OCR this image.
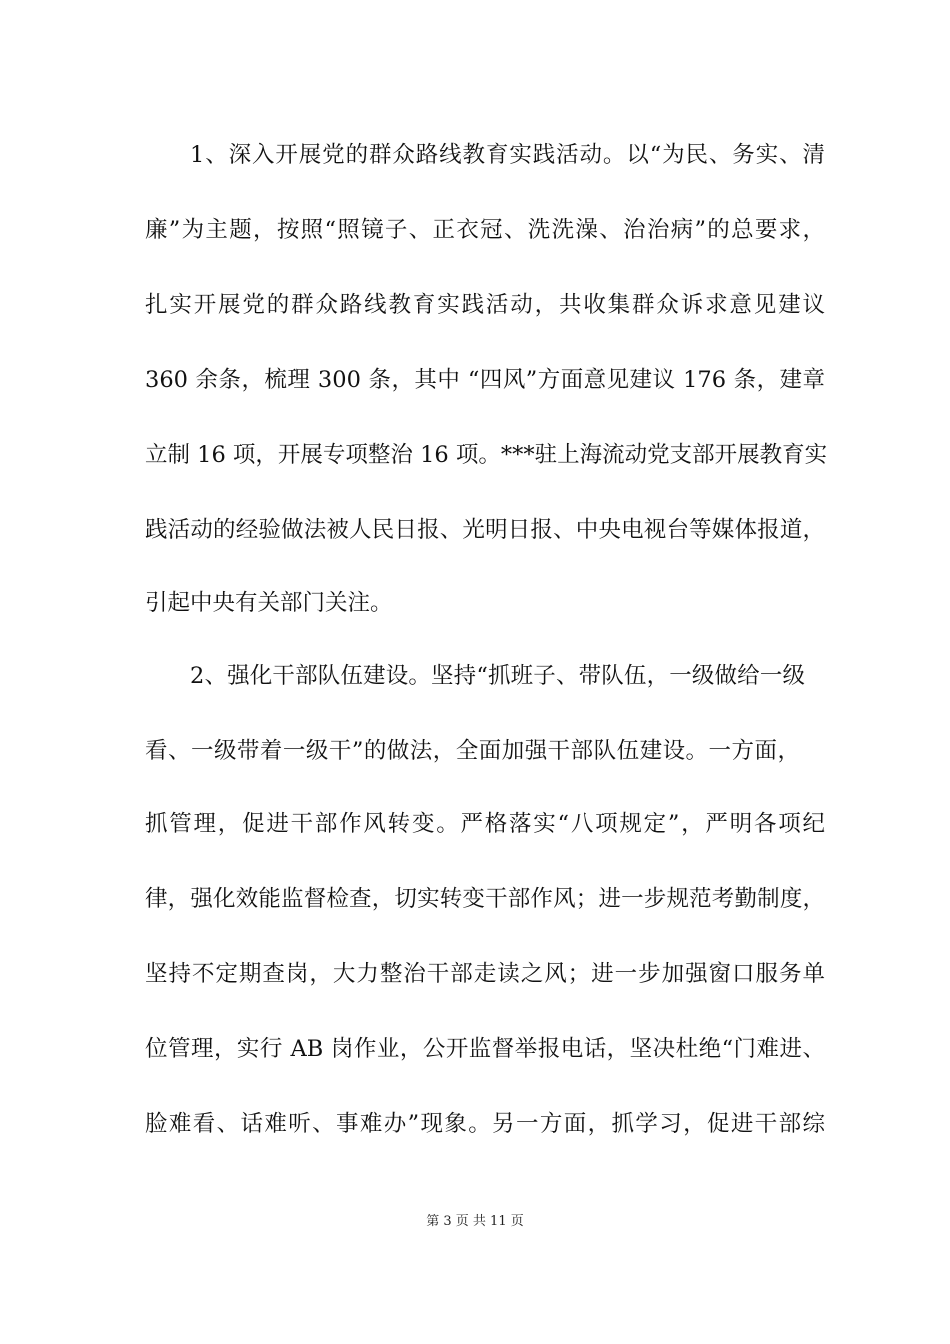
1、深入开展党的群众路线教育实践活动。以“为民、务实、清
廉”为主题，按照“照镜子、正衣冠、洗洗澡、治治病”的总要求，
扎实开展党的群众路线教育实践活动，共收集群众诉求意见建议
360 余条，梳理 300 条，其中 “四风”方面意见建议 176 条，建章
立制 16 项，开展专项整治 16 项。***驻上海流动党支部开展教育实
践活动的经验做法被人民日报、光明日报、中央电视台等媒体报道，
引起中央有关部门关注。
2、强化干部队伍建设。坚持“抓班子、带队伍，一级做给一级
看、一级带着一级干”的做法，全面加强干部队伍建设。一方面，
抓管理，促进干部作风转变。严格落实“八项规定”，严明各项纪
律，强化效能监督检查，切实转变干部作风；进一步规范考勤制度，
坚持不定期查岗，大力整治干部走读之风；进一步加强窗口服务单
位管理，实行 AB 岗作业，公开监督举报电话，坚决杜绝“门难进、
脸难看、话难听、事难办”现象。另一方面，抓学习，促进干部综
第 3 页 共 11 页
